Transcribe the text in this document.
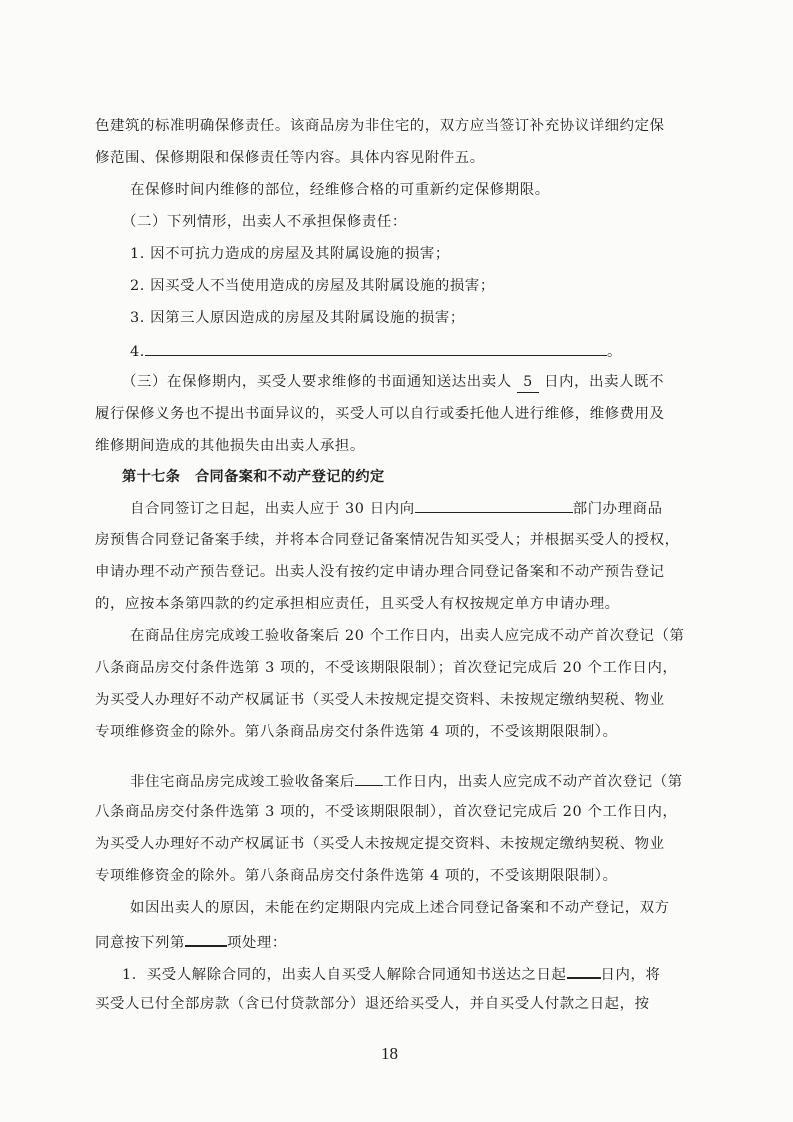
色建筑的标准明确保修责任。该商品房为非住宅的，双方应当签订补充协议详细约定保
修范围、保修期限和保修责任等内容。具体内容见附件五。
在保修时间内维修的部位，经维修合格的可重新约定保修期限。
（二）下列情形，出卖人不承担保修责任：
1. 因不可抗力造成的房屋及其附属设施的损害；
2. 因买受人不当使用造成的房屋及其附属设施的损害；
3. 因第三人原因造成的房屋及其附属设施的损害；
4.	。
（三）在保修期内，买受人要求维修的书面通知送达出卖人 5 日内，出卖人既不
履行保修义务也不提出书面异议的，买受人可以自行或委托他人进行维修，维修费用及
维修期间造成的其他损失由出卖人承担。
第十七条　合同备案和不动产登记的约定
自合同签订之日起，出卖人应于 30 日内向	部门办理商品
房预售合同登记备案手续，并将本合同登记备案情况告知买受人；并根据买受人的授权，
申请办理不动产预告登记。出卖人没有按约定申请办理合同登记备案和不动产预告登记
的，应按本条第四款的约定承担相应责任，且买受人有权按规定单方申请办理。
在商品住房完成竣工验收备案后 20 个工作日内，出卖人应完成不动产首次登记（第
八条商品房交付条件选第 3 项的，不受该期限限制）；首次登记完成后 20 个工作日内，
为买受人办理好不动产权属证书（买受人未按规定提交资料、未按规定缴纳契税、物业
专项维修资金的除外。第八条商品房交付条件选第 4 项的，不受该期限限制）。
非住宅商品房完成竣工验收备案后 工作日内，出卖人应完成不动产首次登记（第
八条商品房交付条件选第 3 项的，不受该期限限制），首次登记完成后 20 个工作日内，
为买受人办理好不动产权属证书（买受人未按规定提交资料、未按规定缴纳契税、物业
专项维修资金的除外。第八条商品房交付条件选第 4 项的，不受该期限限制）。
如因出卖人的原因，未能在约定期限内完成上述合同登记备案和不动产登记，双方
同意按下列第	项处理：
1．买受人解除合同的，出卖人自买受人解除合同通知书送达之日起 日内，将
买受人已付全部房款（含已付贷款部分）退还给买受人，并自买受人付款之日起，按
18
